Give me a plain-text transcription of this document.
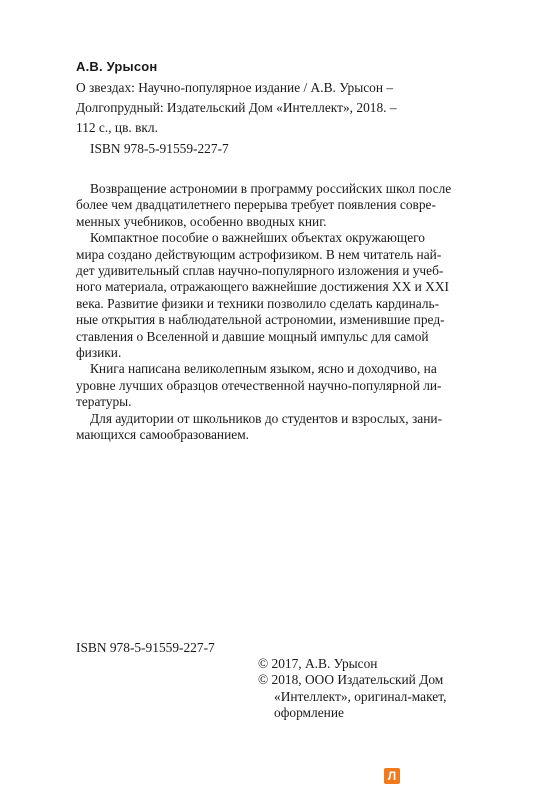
А.В. Урысон
О звездах: Научно-популярное издание / А.В. Урысон –
Долгопрудный: Издательский Дом «Интеллект», 2018. –
112 с., цв. вкл.
ISBN 978-5-91559-227-7
Возвращение астрономии в программу российских школ после
более чем двадцатилетнего перерыва требует появления совре-
менных учебников, особенно вводных книг.
Компактное пособие о важнейших объектах окружающего
мира создано действующим астрофизиком. В нем читатель най-
дет удивительный сплав научно-популярного изложения и учеб-
ного материала, отражающего важнейшие достижения XX и XXI
века. Развитие физики и техники позволило сделать кардиналь-
ные открытия в наблюдательной астрономии, изменившие пред-
ставления о Вселенной и давшие мощный импульс для самой
физики.
Книга написана великолепным языком, ясно и доходчиво, на
уровне лучших образцов отечественной научно-популярной ли-
тературы.
Для аудитории от школьников до студентов и взрослых, зани-
мающихся самообразованием.
ISBN 978-5-91559-227-7
© 2017, А.В. Урысон
© 2018, ООО Издательский Дом
«Интеллект», оригинал-макет,
оформление
Л
